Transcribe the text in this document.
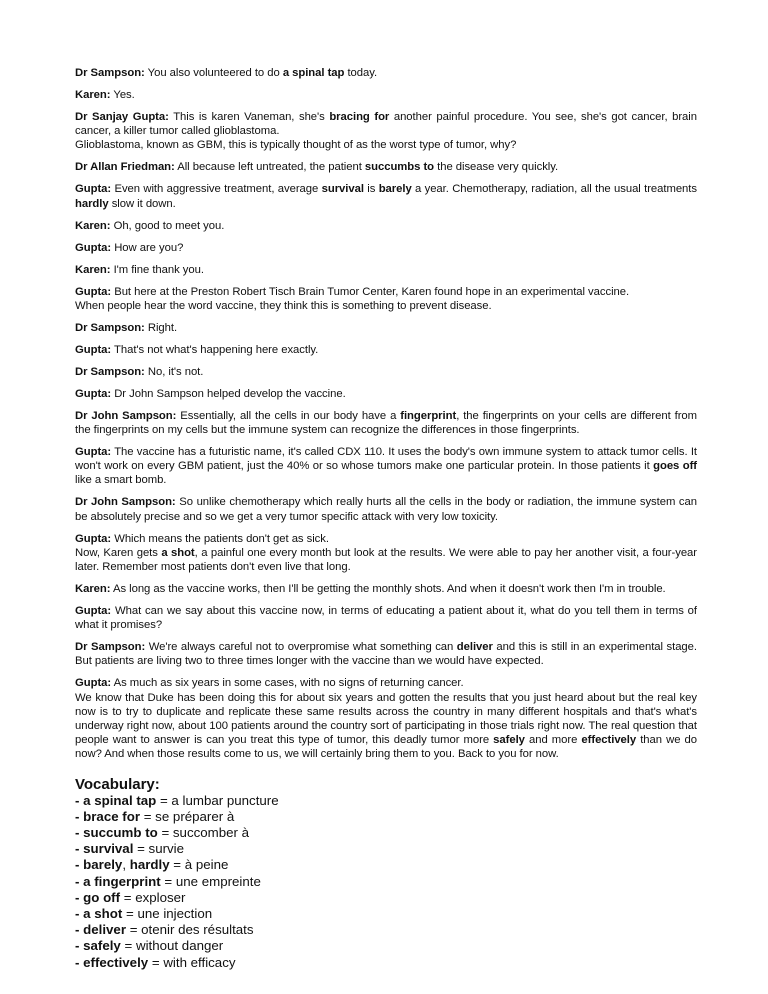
Dr Sampson: You also volunteered to do a spinal tap today.

Karen: Yes.

Dr Sanjay Gupta: This is karen Vaneman, she's bracing for another painful procedure. You see, she's got cancer, brain cancer, a killer tumor called glioblastoma.
Glioblastoma, known as GBM, this is typically thought of as the worst type of tumor, why?

Dr Allan Friedman: All because left untreated, the patient succumbs to the disease very quickly.

Gupta: Even with aggressive treatment, average survival is barely a year. Chemotherapy, radiation, all the usual treatments hardly slow it down.

Karen: Oh, good to meet you.

Gupta: How are you?

Karen: I'm fine thank you.

Gupta: But here at the Preston Robert Tisch Brain Tumor Center, Karen found hope in an experimental vaccine.
When people hear the word vaccine, they think this is something to prevent disease.

Dr Sampson: Right.

Gupta: That's not what's happening here exactly.

Dr Sampson: No, it's not.

Gupta: Dr John Sampson helped develop the vaccine.

Dr John Sampson: Essentially, all the cells in our body have a fingerprint, the fingerprints on your cells are different from the fingerprints on my cells but the immune system can recognize the differences in those fingerprints.

Gupta: The vaccine has a futuristic name, it's called CDX 110. It uses the body's own immune system to attack tumor cells. It won't work on every GBM patient, just the 40% or so whose tumors make one particular protein. In those patients it goes off like a smart bomb.

Dr John Sampson: So unlike chemotherapy which really hurts all the cells in the body or radiation, the immune system can be absolutely precise and so we get a very tumor specific attack with very low toxicity.

Gupta: Which means the patients don't get as sick.
Now, Karen gets a shot, a painful one every month but look at the results. We were able to pay her another visit, a four-year later. Remember most patients don't even live that long.

Karen: As long as the vaccine works, then I'll be getting the monthly shots. And when it doesn't work then I'm in trouble.

Gupta: What can we say about this vaccine now, in terms of educating a patient about it, what do you tell them in terms of what it promises?

Dr Sampson: We're always careful not to overpromise what something can deliver and this is still in an experimental stage. But patients are living two to three times longer with the vaccine than we would have expected.

Gupta: As much as six years in some cases, with no signs of returning cancer.
We know that Duke has been doing this for about six years and gotten the results that you just heard about but the real key now is to try to duplicate and replicate these same results across the country in many different hospitals and that's what's underway right now, about 100 patients around the country sort of participating in those trials right now. The real question that people want to answer is can you treat this type of tumor, this deadly tumor more safely and more effectively than we do now? And when those results come to us, we will certainly bring them to you. Back to you for now.

Vocabulary:
- a spinal tap = a lumbar puncture
- brace for = se préparer à
- succumb to = succomber à
- survival = survie
- barely, hardly = à peine
- a fingerprint = une empreinte
- go off = exploser
- a shot = une injection
- deliver = otenir des résultats
- safely = without danger
- effectively = with efficacy
